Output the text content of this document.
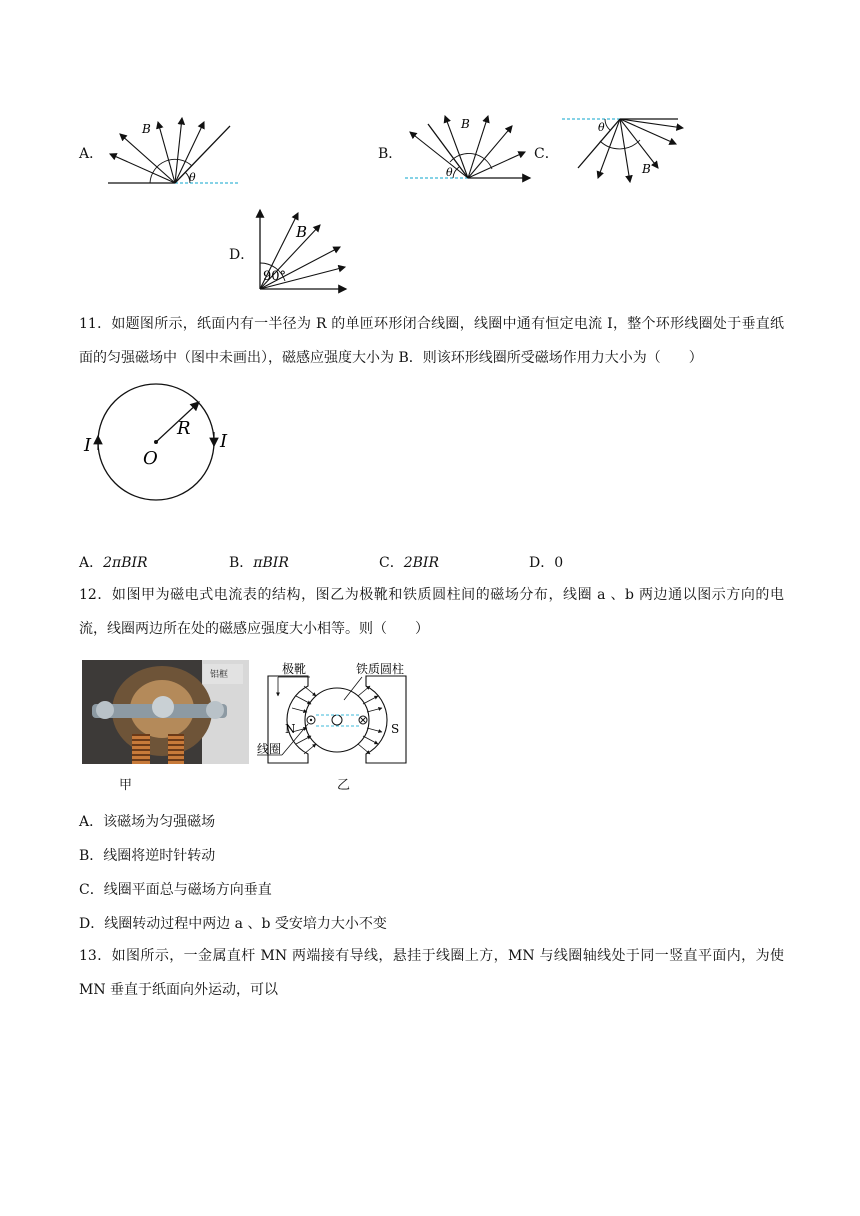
A．
B
θ
B．
B
θ
C．
θ
B
D．
B
90°
11．如题图所示，纸面内有一半径为 R 的单匝环形闭合线圈，线圈中通有恒定电流 I，整个环形线圈处于垂直纸面的匀强磁场中（图中未画出），磁感应强度大小为 B．则该环形线圈所受磁场作用力大小为（　　）
I	I
R
O
A．2πBIR	B．πBIR	C．2BIR	D．0
12．如图甲为磁电式电流表的结构，图乙为极靴和铁质圆柱间的磁场分布，线圈 a 、b 两边通以图示方向的电流，线圈两边所在处的磁感应强度大小相等。则（　　）
铝框
甲
极靴	铁质圆柱
线圈
N	S
乙
A．该磁场为匀强磁场
B．线圈将逆时针转动
C．线圈平面总与磁场方向垂直
D．线圈转动过程中两边 a 、b 受安培力大小不变
13．如图所示，一金属直杆 MN 两端接有导线，悬挂于线圈上方，MN 与线圈轴线处于同一竖直平面内，为使 MN 垂直于纸面向外运动，可以
